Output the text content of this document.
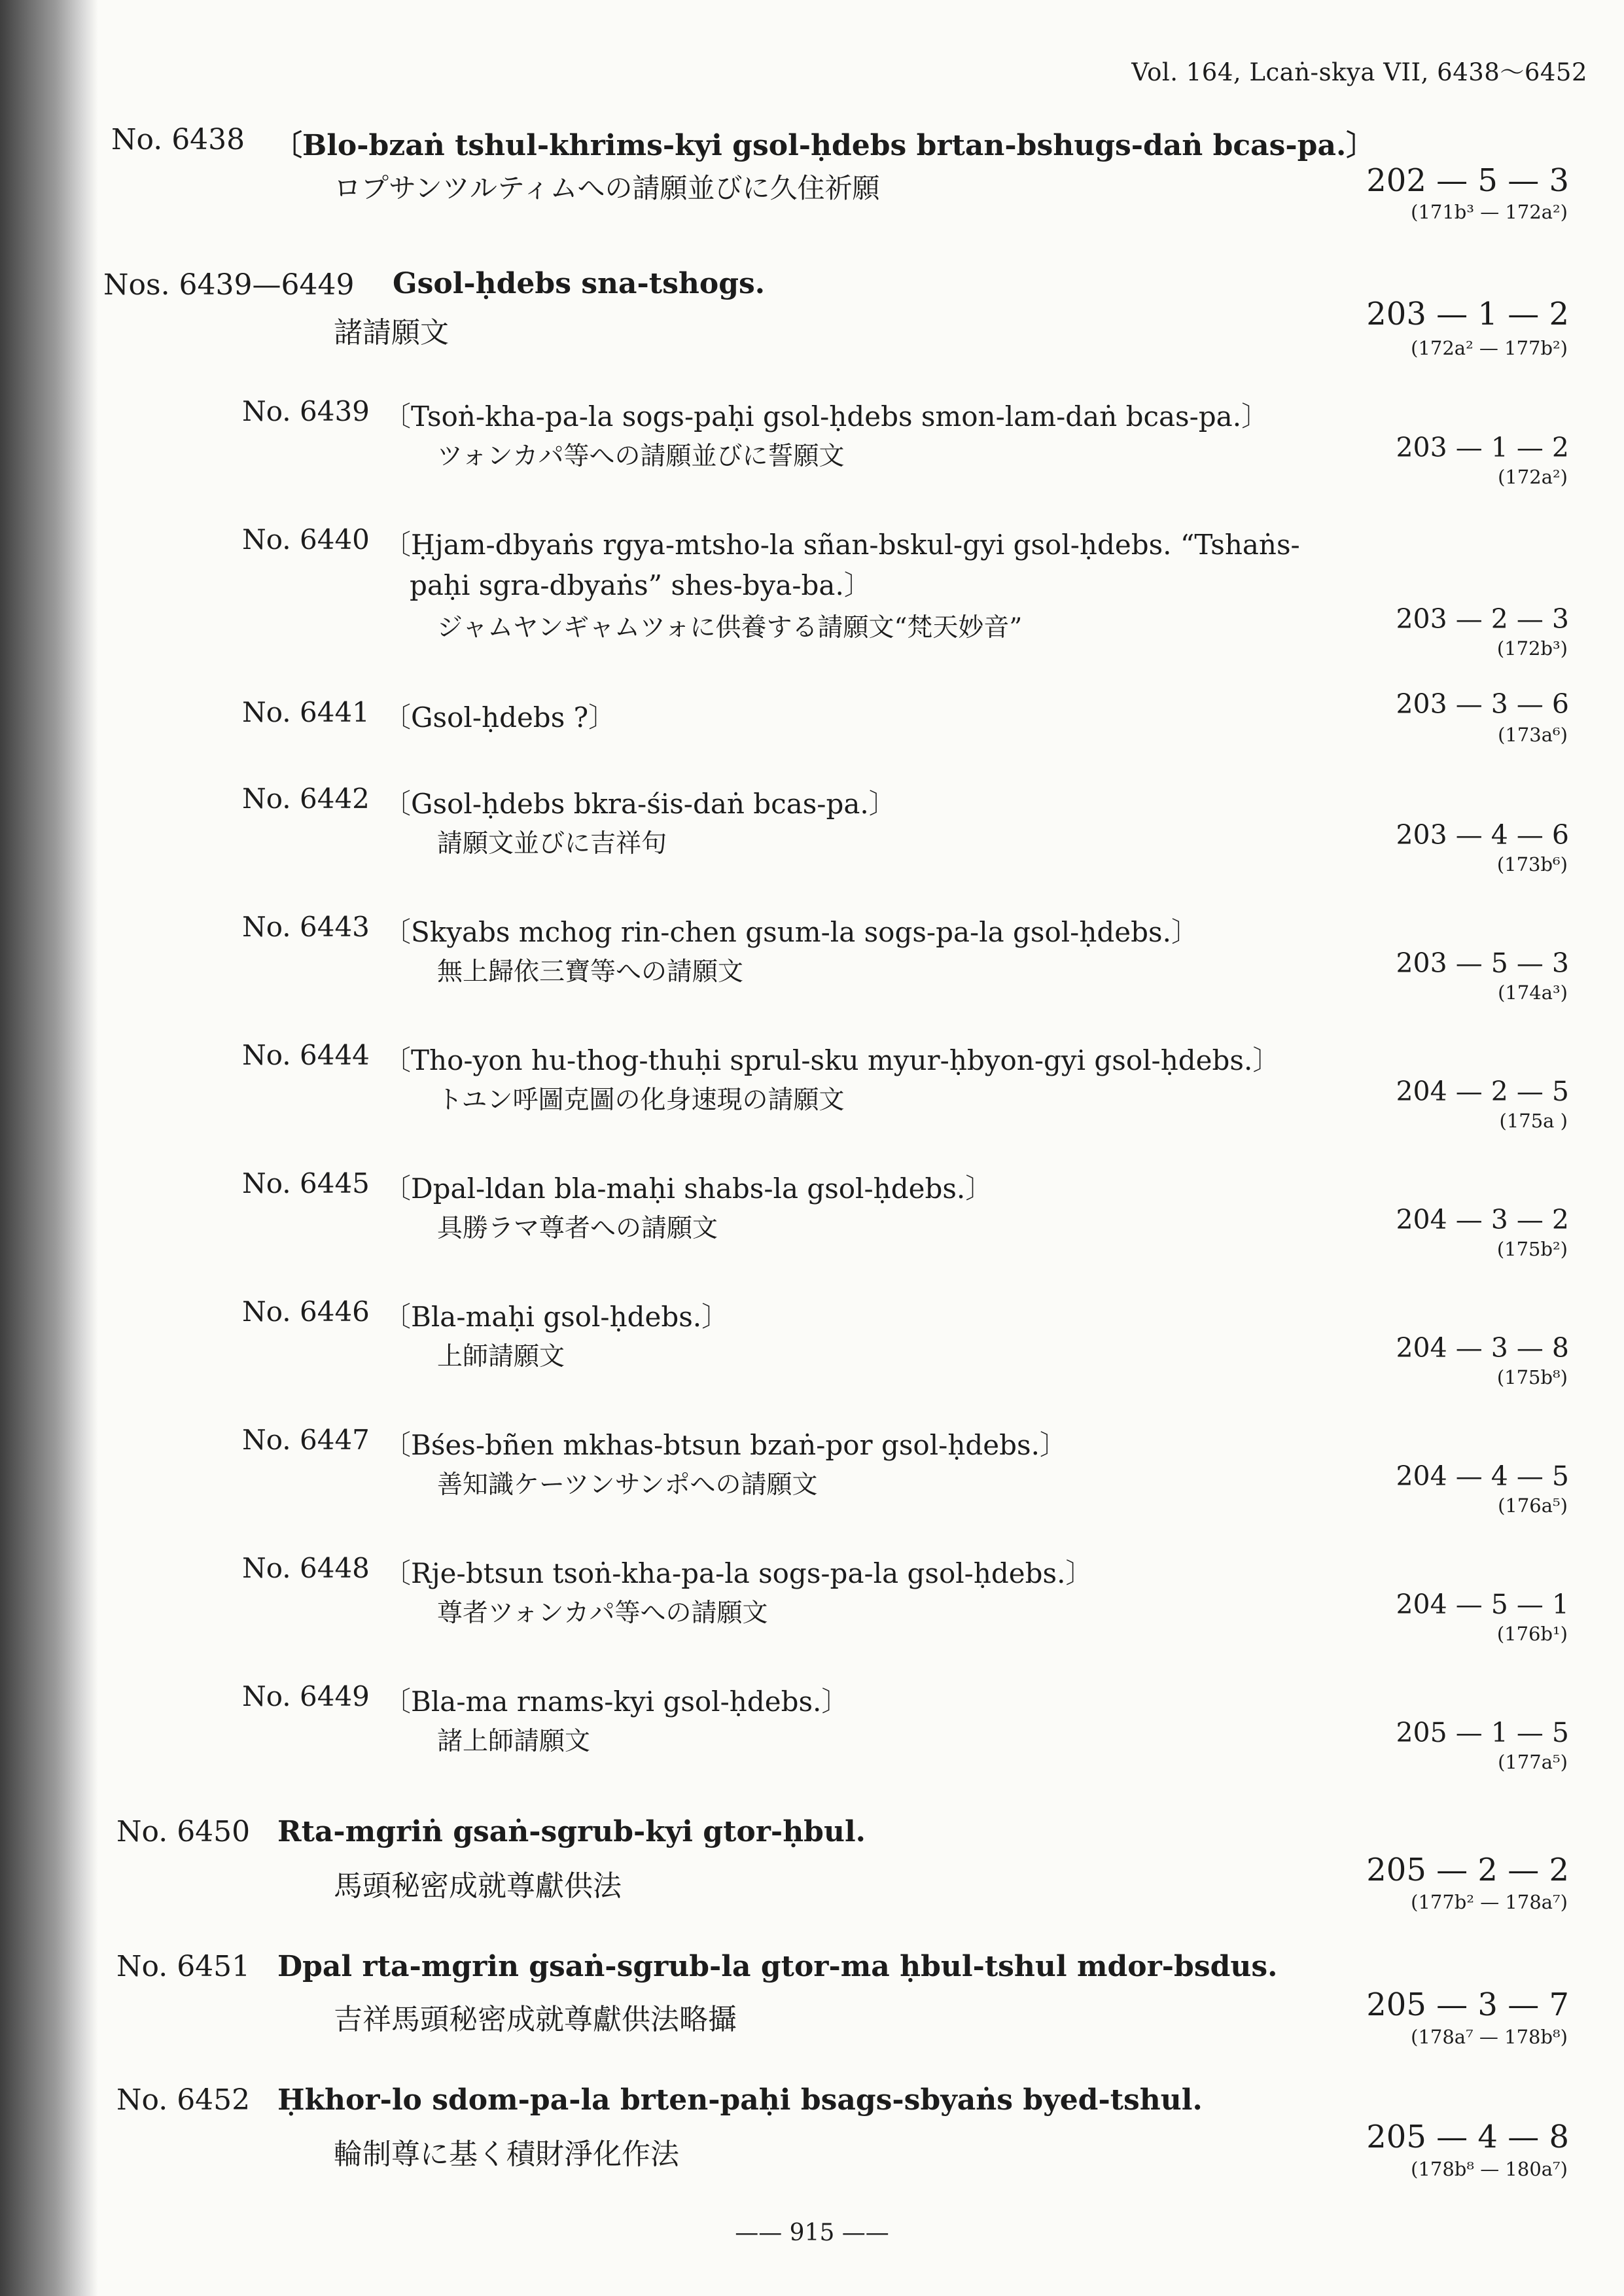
Vol. 164, Lcaṅ-skya VII, 6438～6452
No. 6438 〔Blo-bzaṅ tshul-khrims-kyi gsol-ḥdebs brtan-bshugs-daṅ bcas-pa.〕
ロプサンツルティムへの請願並びに久住祈願	202 — 5 — 3
(171b³ — 172a²)
Nos. 6439—6449 Gsol-ḥdebs sna-tshogs.
諸請願文
203 — 1 — 2
(172a² — 177b²)
No. 6439 〔Tsoṅ-kha-pa-la sogs-paḥi gsol-ḥdebs smon-lam-daṅ bcas-pa.〕
ツォンカパ等への請願並びに誓願文	203 — 1 — 2
(172a²)
No. 6440 〔Ḥjam-dbyaṅs rgya-mtsho-la sñan-bskul-gyi gsol-ḥdebs. “Tshaṅs-
paḥi sgra-dbyaṅs” shes-bya-ba.〕
ジャムヤンギャムツォに供養する請願文“梵天妙音”	203 — 2 — 3
(172b³)
No. 6441 〔Gsol-ḥdebs ?〕	203 — 3 — 6
(173a⁶)
No. 6442 〔Gsol-ḥdebs bkra-śis-daṅ bcas-pa.〕
請願文並びに吉祥句	203 — 4 — 6
(173b⁶)
No. 6443 〔Skyabs mchog rin-chen gsum-la sogs-pa-la gsol-ḥdebs.〕
無上歸依三寶等への請願文	203 — 5 — 3
(174a³)
No. 6444 〔Tho-yon hu-thog-thuḥi sprul-sku myur-ḥbyon-gyi gsol-ḥdebs.〕
トユン呼圖克圖の化身速現の請願文	204 — 2 — 5
(175a )
No. 6445 〔Dpal-ldan bla-maḥi shabs-la gsol-ḥdebs.〕
具勝ラマ尊者への請願文	204 — 3 — 2
(175b²)
No. 6446 〔Bla-maḥi gsol-ḥdebs.〕
上師請願文	204 — 3 — 8
(175b⁸)
No. 6447 〔Bśes-bñen mkhas-btsun bzaṅ-por gsol-ḥdebs.〕
善知識ケーツンサンポへの請願文	204 — 4 — 5
(176a⁵)
No. 6448 〔Rje-btsun tsoṅ-kha-pa-la sogs-pa-la gsol-ḥdebs.〕
尊者ツォンカパ等への請願文	204 — 5 — 1
(176b¹)
No. 6449 〔Bla-ma rnams-kyi gsol-ḥdebs.〕
諸上師請願文	205 — 1 — 5
(177a⁵)
No. 6450 Rta-mgriṅ gsaṅ-sgrub-kyi gtor-ḥbul.
馬頭秘密成就尊獻供法	205 — 2 — 2
(177b² — 178a⁷)
No. 6451 Dpal rta-mgrin gsaṅ-sgrub-la gtor-ma ḥbul-tshul mdor-bsdus.
吉祥馬頭秘密成就尊獻供法略攝	205 — 3 — 7
(178a⁷ — 178b⁸)
No. 6452 Ḥkhor-lo sdom-pa-la brten-paḥi bsags-sbyaṅs byed-tshul.
輪制尊に基く積財淨化作法	205 — 4 — 8
(178b⁸ — 180a⁷)
—— 915 ——
